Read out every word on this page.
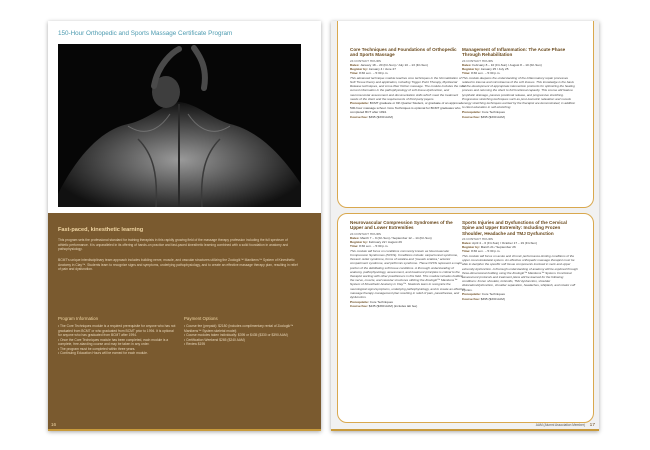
150-Hour Orthopedic and Sports Massage Certificate Program
Fast-paced, kinesthetic learning
This program sets the professional standard for training therapists in this rapidly growing field of the massage therapy profession including the full spectrum of athletic performance. It is unparalleled in its offering of hands-on practice and fast-paced kinesthetic learning combined with a solid foundation in anatomy and pathophysiology.
BCMT's unique interdisciplinary team approach includes building nerve, muscle, and vascular structures utilizing the Zoologik™ Manikens™ System of Kinesthetic Anatomy in Clay™. Students learn to recognize signs and symptoms, underlying pathophysiology, and to create an effective massage therapy plan, resulting in relief of pain and dysfunction.
Program Information
• The Core Techniques module is a required prerequisite for anyone who has not graduated from BCMT or who graduated from BCMT prior to 1994. It is optional for anyone who has graduated from BCMT after 1994.
• Once the Core Techniques module has been completed, each module is a complete, free-standing course and may be taken in any order.
• The program must be completed within three years.
• Continuing Education Hours will be earned for each module.
Payment Options
• Course fee (prepaid): $2180 (includes complimentary rental of Zoologik™ Manikens™ System skeletal model)
• Course modules taken individually: $395 or $435 ($330 or $390 AAM)
• Certification Weekend $265 ($240 AAM)
• Review $195
16
Core Techniques and Foundations of Orthopedic and Sports Massage
24 CONTACT HOURS
Dates: January 18 – 20 (Fri-Sun) / July 10 – 13 (Fri-Sun)
Register by: January 4 / June 27
Time: 8:30 a.m. – 5:30 p.m.
This advanced technique module teaches core techniques in the Normalization of Soft Tissue theory and application, including Trigger Point Therapy, Myofascial Release techniques, and cross-fiber friction massage. The module includes the most current information in the pathophysiology of soft tissue dysfunction, and neuromuscular assessment and documentation skills which meet the treatment needs of the client and the requirements of third party payers.
Prerequisite: BCMT graduate or 9th Quarter Student, or graduate of an approved 500-hour massage school. Core Techniques is optional for BCMT graduates who completed BCT after 1994.
Course Fee: $395 ($330 AAM)
Management of Inflammation: The Acute Phase Through Rehabilitation
24 CONTACT HOURS
Dates: February 8 – 10 (Fri-Sun) / August 8 – 10 (Fri-Sun)
Register by: January 25 / July 25
Time: 8:30 a.m. – 5:30 p.m.
This module deepens the understanding of the inflammatory repair processes related to trauma and microtrauma of the soft tissues. This knowledge is the basis for the development of appropriate intervention protocols for optimizing the healing process and returning the client to full functional capacity. This course will feature lymphatic drainage, passive positional release, and progressive stretching. Progressive stretching techniques such as post-isometric relaxation and muscle energy stretching techniques excited by the therapist are demonstrated, in addition to client education in self-stretching.
Prerequisite: Core Techniques
Course Fee: $395 ($330 AAM)
Neurovascular Compression Syndromes of the Upper and Lower Extremities
24 CONTACT HOURS
Dates: March 7 – 9 (Fri-Sun) / September 12 – 14 (Fri-Sun)
Register by: February 22 / August 29
Time: 8:30 a.m. – 5:30 p.m.
This module will focus on conditions commonly known as Neurovascular Compression Syndromes (NVCS). Conditions include: carpal tunnel syndrome, thoracic outlet syndrome, forms of sciatica and "pseudo sciatica," anterior compartment syndrome, and piriformis syndrome. These NVCS represent a major portion of the debilitating soft tissue conditions. A thorough understanding of anatomy, pathophysiology, assessment, and treatment principles is critical to the therapist working with other practitioners in this field. This module includes building the nerve, muscle, and vascular structures utilizing the Zoologik™ Manikens™ System of Kinesthetic Anatomy in Clay™. Students learn to recognize the neurological signs/symptoms, underlying pathophysiology, and to create an effective massage therapy management plan resulting in relief of pain, paresthesias, and dysfunction.
Prerequisite: Core Techniques
Course Fee: $435 ($390 AAM) (includes lab fee)
Sports Injuries and Dysfunctions of the Cervical Spine and Upper Extremity: Including Frozen Shoulder, Headache and TMJ Dysfunction
24 CONTACT HOURS
Dates: April 4 – 6 (Fri-Sun) / October 17 – 19 (Fri-Sun)
Register by: March 21 / September 26
Time: 8:30 a.m. – 5:30 p.m.
This module will focus on acute and chronic performance-limiting conditions of the upper musculoskeletal system. An effective orthopedic massage therapist must be able to decipher the specific soft tissue components involved in neck and upper extremity dysfunction. A thorough understanding of anatomy will be explored through three-dimensional building using the Zoologik™ Manikens™ System. Functional assessment protocols and treatment plans will be learned for the following conditions: frozen shoulder, torticollis, TMJ dysfunction, shoulder dislocation/dysfunction, shoulder separation, headaches, whiplash, and rotator cuff injuries.
Prerequisite: Core Techniques
Course Fee: $395 ($330 AAM)
AAM (Alumni Association Member) 17
